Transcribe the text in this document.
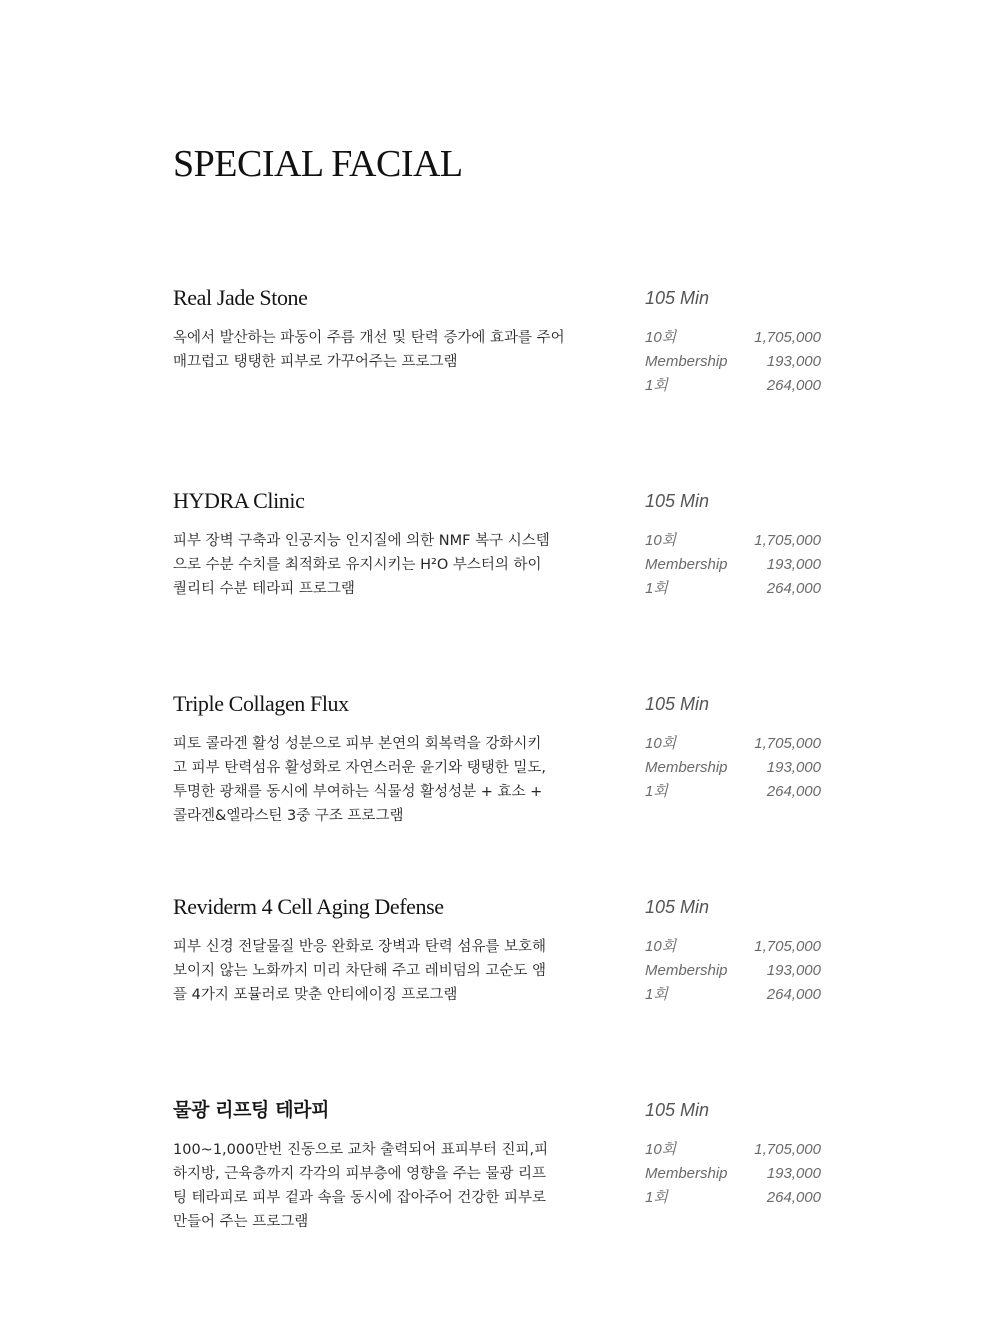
SPECIAL FACIAL
Real Jade Stone

옥에서 발산하는 파동이 주름 개선 및 탄력 증가에 효과를 주어
매끄럽고 탱탱한 피부로 가꾸어주는 프로그램

105 Min
10회	1,705,000
Membership	193,000
1회	264,000
HYDRA Clinic

피부 장벽 구축과 인공지능 인지질에 의한 NMF 복구 시스템
으로 수분 수치를 최적화로 유지시키는 H²O 부스터의 하이
퀄리티 수분 테라피 프로그램

105 Min
10회	1,705,000
Membership	193,000
1회	264,000
Triple Collagen Flux

피토 콜라겐 활성 성분으로 피부 본연의 회복력을 강화시키
고 피부 탄력섬유 활성화로 자연스러운 윤기와 탱탱한 밀도,
투명한 광채를 동시에 부여하는 식물성 활성성분 + 효소 +
콜라겐&엘라스틴 3중 구조 프로그램

105 Min
10회	1,705,000
Membership	193,000
1회	264,000
Reviderm 4 Cell Aging Defense

피부 신경 전달물질 반응 완화로 장벽과 탄력 섬유를 보호해
보이지 않는 노화까지 미리 차단해 주고 레비덤의 고순도 앰
플 4가지 포뮬러로 맞춘 안티에이징 프로그램

105 Min
10회	1,705,000
Membership	193,000
1회	264,000
물광 리프팅 테라피

100~1,000만번 진동으로 교차 출력되어 표피부터 진피,피
하지방, 근육층까지 각각의 피부층에 영향을 주는 물광 리프
팅 테라피로 피부 겉과 속을 동시에 잡아주어 건강한 피부로
만들어 주는 프로그램

105 Min
10회	1,705,000
Membership	193,000
1회	264,000
